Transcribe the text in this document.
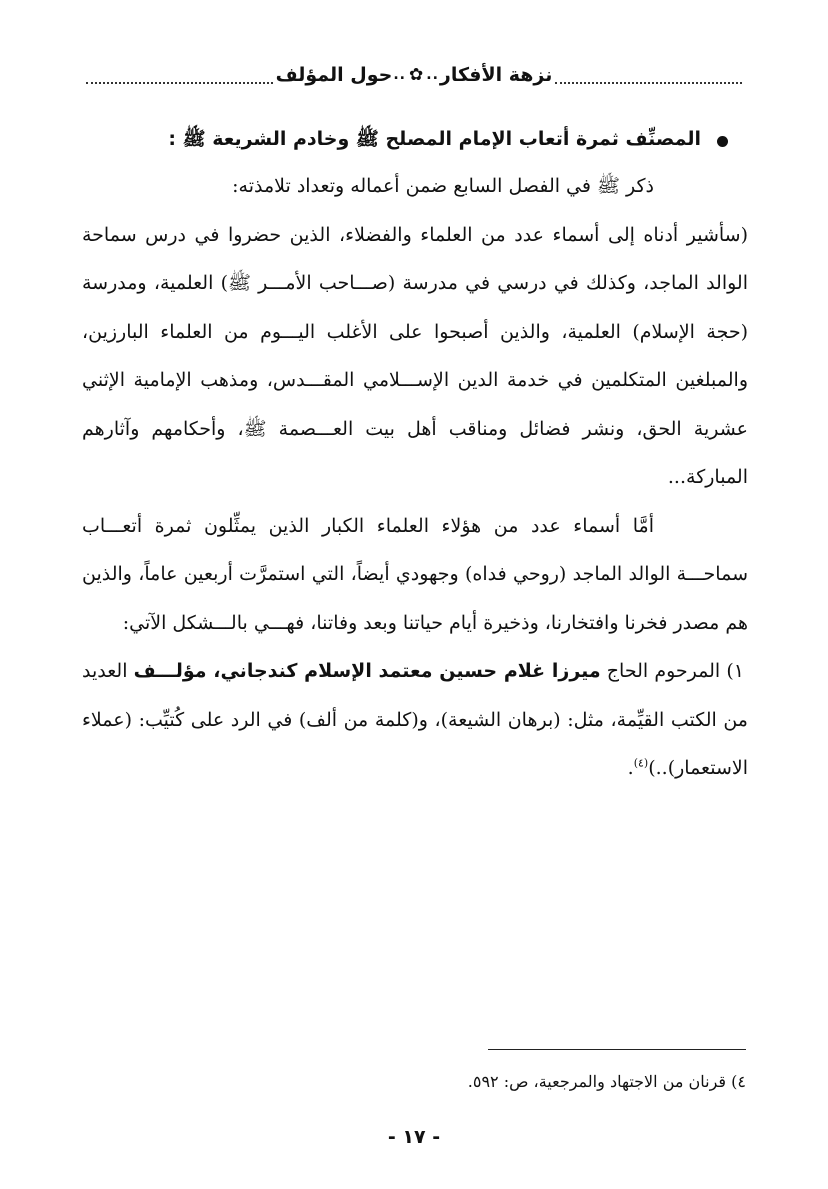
نزهة الأفكار
..
✿
..
حول المؤلف
المصنِّف ثمرة أتعاب الإمام المصلح ﷺ وخادم الشريعة ﷺ :

ذكر ﷺ في الفصل السابع ضمن أعماله وتعداد تلامذته:

(سأشير أدناه إلى أسماء عدد من العلماء والفضلاء، الذين حضروا في درس سماحة الوالد الماجد، وكذلك في درسي في مدرسة (صـــاحب الأمـــر ﷺ) العلمية، ومدرسة (حجة الإسلام) العلمية، والذين أصبحوا على الأغلب اليـــوم من العلماء البارزين، والمبلغين المتكلمين في خدمة الدين الإســـلامي المقـــدس، ومذهب الإمامية الإثني عشرية الحق، ونشر فضائل ومناقب أهل بيت العـــصمة ﷺ، وأحكامهم وآثارهم المباركة...

أمَّا أسماء عدد من هؤلاء العلماء الكبار الذين يمثِّلون ثمرة أتعـــاب سماحـــة الوالد الماجد (روحي فداه) وجهودي أيضاً، التي استمرَّت أربعين عاماً، والذين هم مصدر فخرنا وافتخارنا، وذخيرة أيام حياتنا وبعد وفاتنا، فهـــي بالـــشكل الآتي:

١) المرحوم الحاج ميرزا غلام حسين معتمد الإسلام كندجاني، مؤلـــف العديد من الكتب القيِّمة، مثل: (برهان الشيعة)، و(كلمة من ألف) في الرد على كُتيِّب: (عملاء الاستعمار)..)$^{(٤)}$.

٤) قرنان من الاجتهاد والمرجعية، ص: ٥٩٢.
- ١٧ -
